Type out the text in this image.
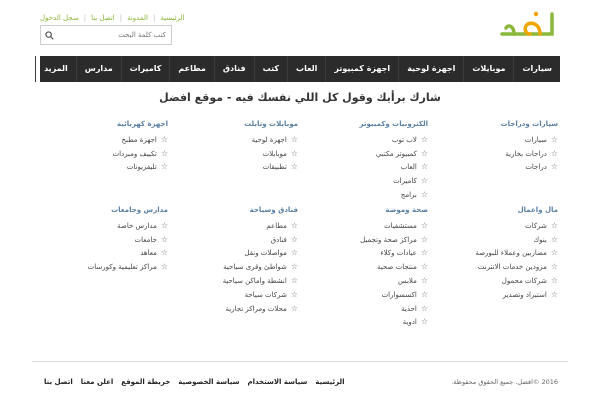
الرئيسية
|
المدونة
|
اتصل بنا
|
سجل الدخول
كتب كلمة البحث
سيارات
موبايلات
اجهزة لوحية
اجهزة كمبيوتر
العاب
كتب
فنادق
مطاعم
كاميرات
مدارس
المزيد
شارك برأيك وقول كل اللي نفسك فيه - موقع افضل
سيارات ودراجات
☆
سيارات
☆
دراجات بخارية
☆
دراجات
الكترونيات وكمبيوتر
☆
لاب توب
☆
كمبيوتر مكتبي
☆
العاب
☆
كاميرات
☆
برامج
موبايلات وتابلت
☆
اجهزة لوحية
☆
موبايلات
☆
تطبيقات
اجهزة كهربائية
☆
اجهزة مطبخ
☆
تكييف ومبردات
☆
تليفزيونات
مال واعمال
☆
شركات
☆
بنوك
☆
مضاربين وعملاء للبورصة
☆
مزودين خدمات الانترنت
☆
شركات محمول
☆
استيراد وتصدير
صحة وموضة
☆
مستشفيات
☆
مراكز صحة وتجميل
☆
عيادات وكلاء
☆
منتجات صحية
☆
ملابس
☆
اكسسوارات
☆
احذية
☆
ادوية
فنادق وسياحة
☆
مطاعم
☆
فنادق
☆
مواصلات ونقل
☆
شواطئ وقرى سياحية
☆
انشطة واماكن سياحية
☆
شركات سياحة
☆
محلات ومراكز تجارية
مدارس وجامعات
☆
مدارس خاصة
☆
جامعات
☆
معاهد
☆
مراكز تعليمية وكورسات
الرئيسية
سياسة الاستخدام
سياسة الخصوصية
خريطة الموقع
اعلن معنا
اتصل بنا	2016 ©افضل. جميع الحقوق محفوظة.
